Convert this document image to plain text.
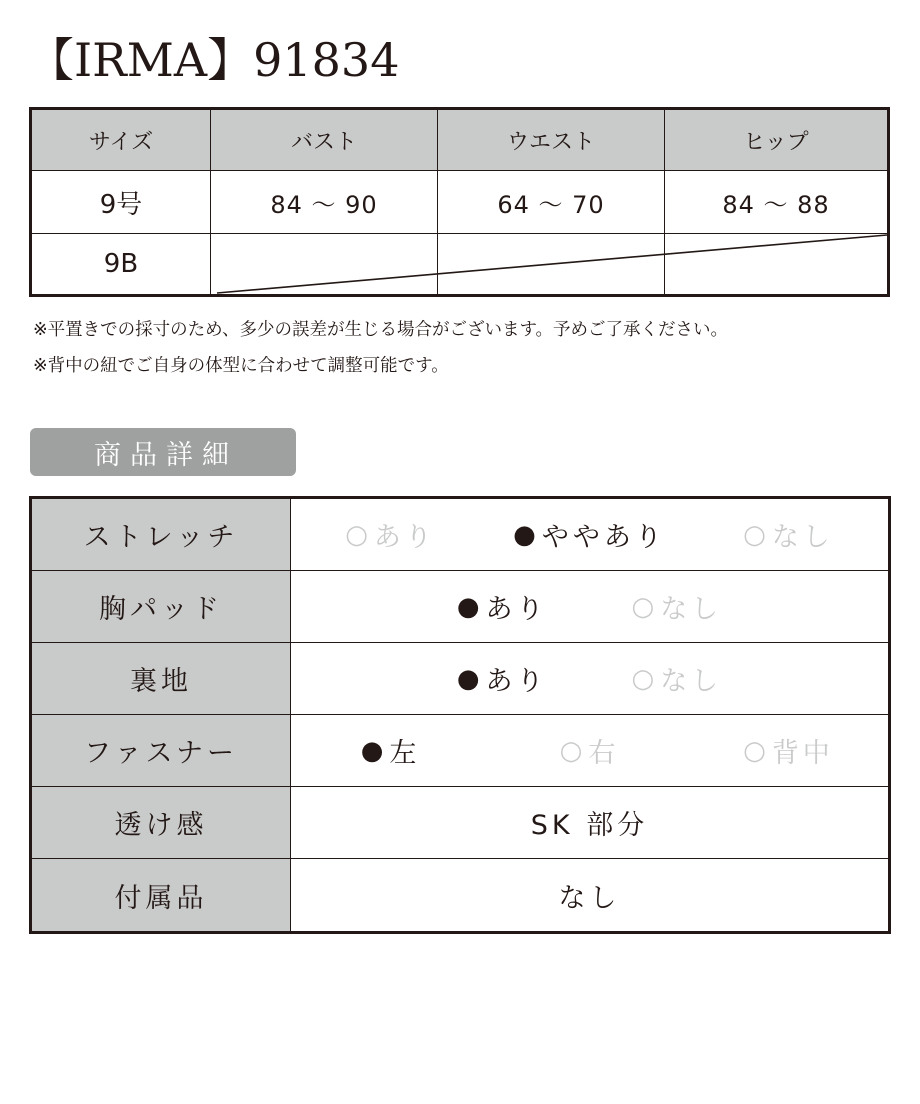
【IRMA】91834
サイズ	バスト	ウエスト	ヒップ
9号	84 ～ 90	64 ～ 70	84 ～ 88
9B
※平置きでの採寸のため、多少の誤差が生じる場合がございます。予めご了承ください。
※背中の紐でご自身の体型に合わせて調整可能です。
商品詳細
ストレッチ	○ あり	● ややあり	○ なし
胸パッド	● あり	○ なし
裏地	● あり	○ なし
ファスナー	● 左	○ 右	○ 背中
透け感	SK 部分
付属品	なし
